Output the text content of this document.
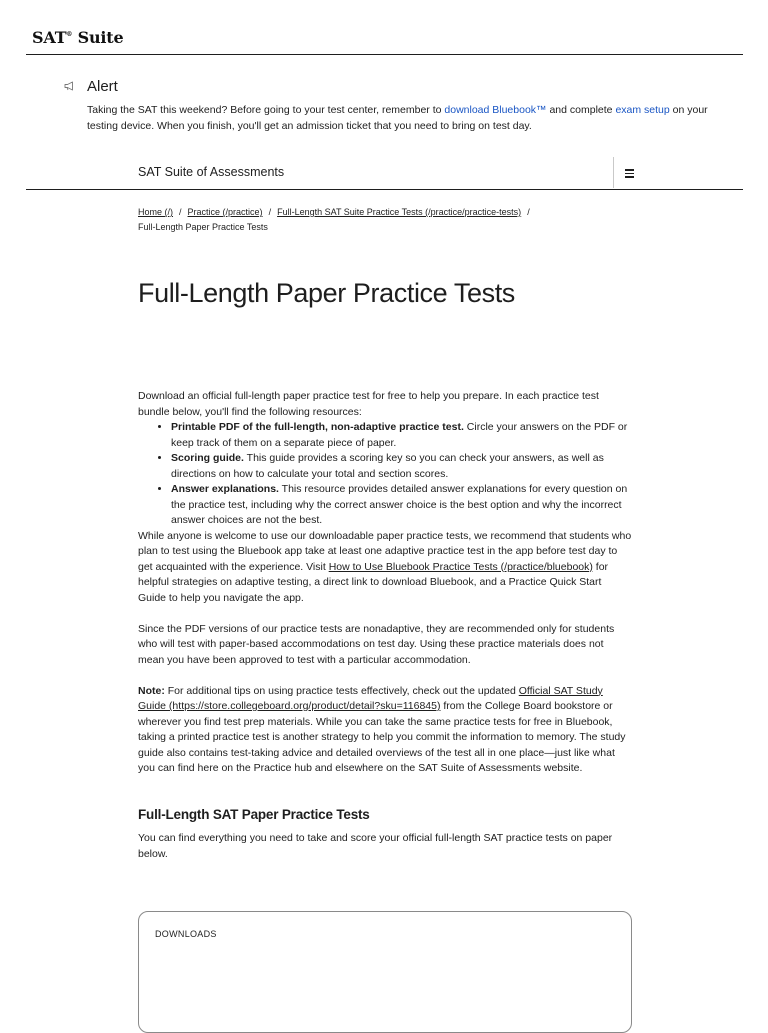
SAT® Suite
Alert

Taking the SAT this weekend? Before going to your test center, remember to download Bluebook™ and complete exam setup on your testing device. When you finish, you'll get an admission ticket that you need to bring on test day.

SAT Suite of Assessments
Home (/) / Practice (/practice) / Full-Length SAT Suite Practice Tests (/practice/practice-tests) /
Full-Length Paper Practice Tests
Full-Length Paper Practice Tests

Download an official full-length paper practice test for free to help you prepare. In each practice test bundle below, you'll find the following resources:

• Printable PDF of the full-length, non-adaptive practice test. Circle your answers on the PDF or keep track of them on a separate piece of paper.
• Scoring guide. This guide provides a scoring key so you can check your answers, as well as directions on how to calculate your total and section scores.
• Answer explanations. This resource provides detailed answer explanations for every question on the practice test, including why the correct answer choice is the best option and why the incorrect answer choices are not the best.

While anyone is welcome to use our downloadable paper practice tests, we recommend that students who plan to test using the Bluebook app take at least one adaptive practice test in the app before test day to get acquainted with the experience. Visit How to Use Bluebook Practice Tests (/practice/bluebook) for helpful strategies on adaptive testing, a direct link to download Bluebook, and a Practice Quick Start Guide to help you navigate the app.

Since the PDF versions of our practice tests are nonadaptive, they are recommended only for students who will test with paper-based accommodations on test day. Using these practice materials does not mean you have been approved to test with a particular accommodation.

Note: For additional tips on using practice tests effectively, check out the updated Official SAT Study Guide (https://store.collegeboard.org/product/detail?sku=116845) from the College Board bookstore or wherever you find test prep materials. While you can take the same practice tests for free in Bluebook, taking a printed practice test is another strategy to help you commit the information to memory. The study guide also contains test-taking advice and detailed overviews of the test all in one place—just like what you can find here on the Practice hub and elsewhere on the SAT Suite of Assessments website.

Full-Length SAT Paper Practice Tests

You can find everything you need to take and score your official full-length SAT practice tests on paper below.

DOWNLOADS
